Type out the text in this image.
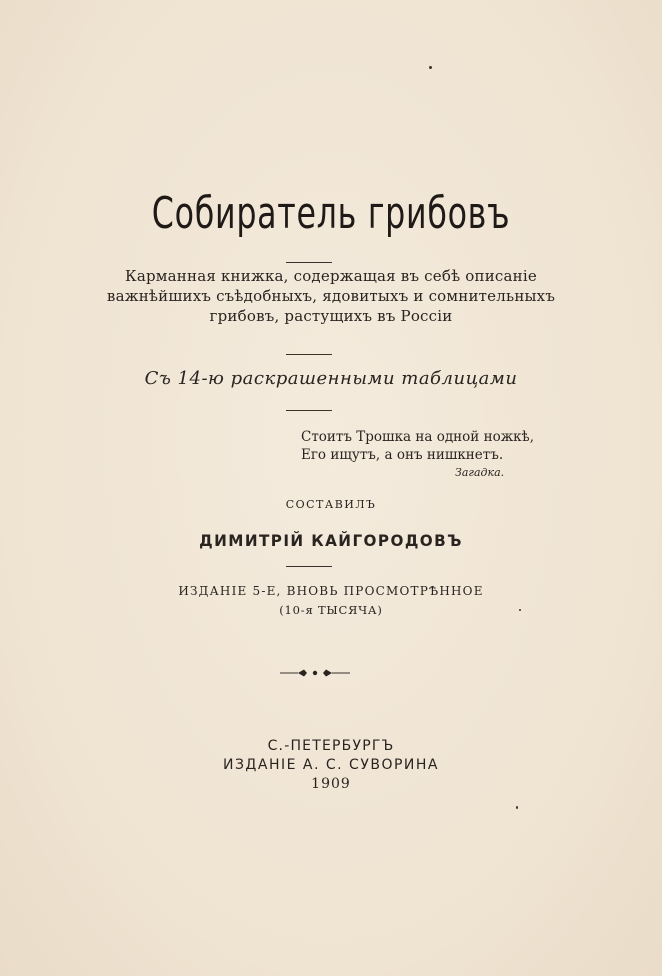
Собиратель грибовъ
Карманная книжка, содержащая въ себѣ описаніе
важнѣйшихъ съѣдобныхъ, ядовитыхъ и сомнительныхъ
грибовъ, растущихъ въ Россіи
Съ 14-ю раскрашенными таблицами
Стоитъ Трошка на одной ножкѣ,
Его ищутъ, а онъ нишкнетъ.
Загадка.
СОСТАВИЛЪ
ДИМИТРІЙ КАЙГОРОДОВЪ
ИЗДАНІЕ 5-Е, ВНОВЬ ПРОСМОТРѢННОЕ
(10-я ТЫСЯЧА)
С.-ПЕТЕРБУРГЪ
ИЗДАНІЕ А. С. СУВОРИНА
1909
